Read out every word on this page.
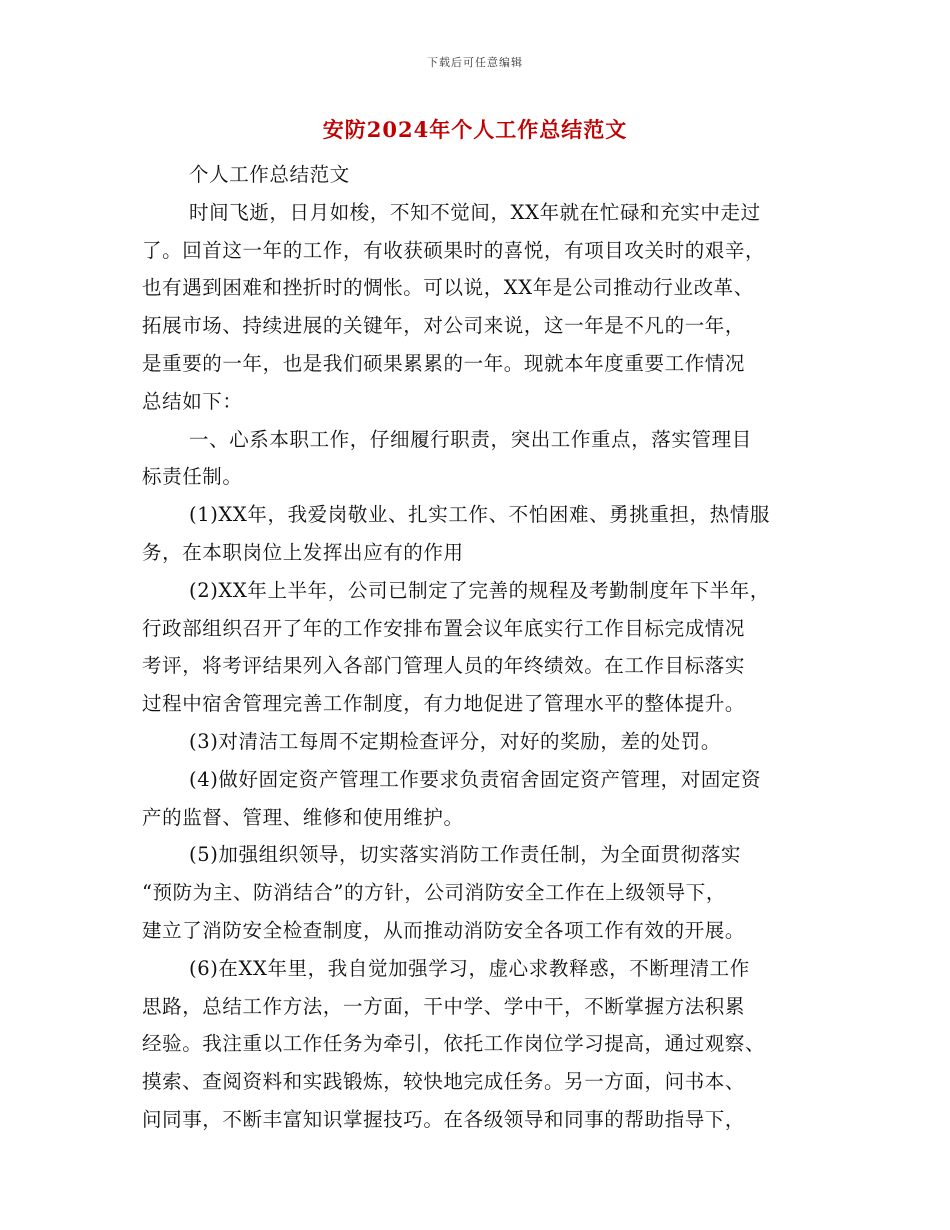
下载后可任意编辑
安防2024年个人工作总结范文
个人工作总结范文
时间飞逝，日月如梭，不知不觉间，XX年就在忙碌和充实中走过
了。回首这一年的工作，有收获硕果时的喜悦，有项目攻关时的艰辛，
也有遇到困难和挫折时的惆怅。可以说，XX年是公司推动行业改革、
拓展市场、持续进展的关键年，对公司来说，这一年是不凡的一年，
是重要的一年，也是我们硕果累累的一年。现就本年度重要工作情况
总结如下：
一、心系本职工作，仔细履行职责，突出工作重点，落实管理目
标责任制。
(1)XX年，我爱岗敬业、扎实工作、不怕困难、勇挑重担，热情服
务，在本职岗位上发挥出应有的作用
(2)XX年上半年，公司已制定了完善的规程及考勤制度年下半年，
行政部组织召开了年的工作安排布置会议年底实行工作目标完成情况
考评，将考评结果列入各部门管理人员的年终绩效。在工作目标落实
过程中宿舍管理完善工作制度，有力地促进了管理水平的整体提升。
(3)对清洁工每周不定期检查评分，对好的奖励，差的处罚。
(4)做好固定资产管理工作要求负责宿舍固定资产管理，对固定资
产的监督、管理、维修和使用维护。
(5)加强组织领导，切实落实消防工作责任制，为全面贯彻落实
“预防为主、防消结合”的方针，公司消防安全工作在上级领导下，
建立了消防安全检查制度，从而推动消防安全各项工作有效的开展。
(6)在XX年里，我自觉加强学习，虚心求教释惑，不断理清工作
思路，总结工作方法，一方面，干中学、学中干，不断掌握方法积累
经验。我注重以工作任务为牵引，依托工作岗位学习提高，通过观察、
摸索、查阅资料和实践锻炼，较快地完成任务。另一方面，问书本、
问同事，不断丰富知识掌握技巧。在各级领导和同事的帮助指导下，
